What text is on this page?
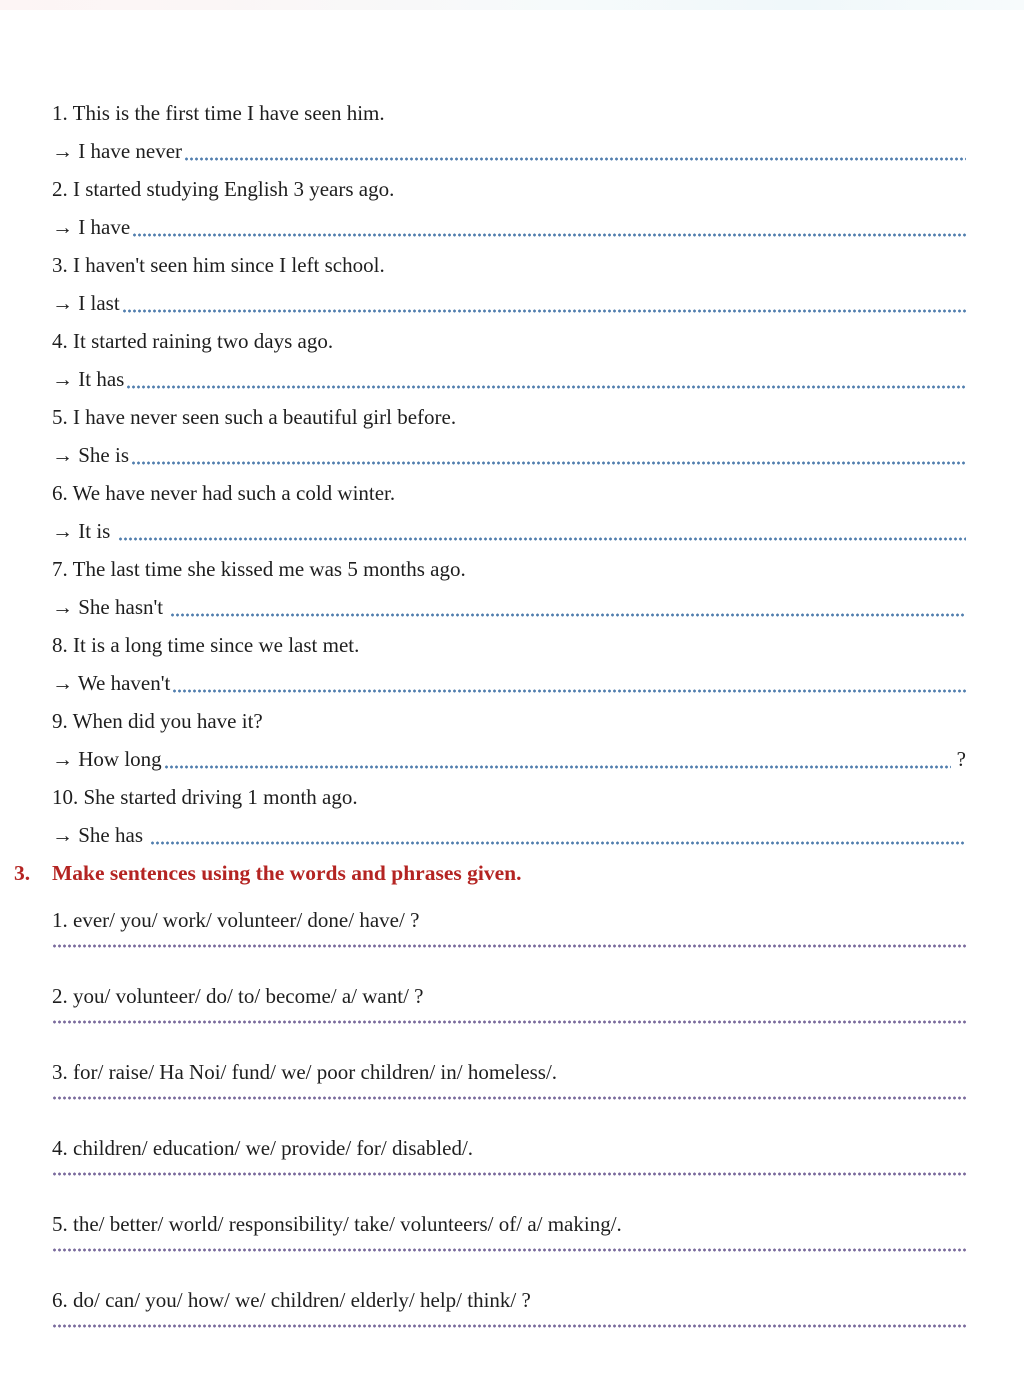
1. This is the first time I have seen him.
→ I have never
2. I started studying English 3 years ago.
→ I have
3. I haven't seen him since I left school.
→ I last
4. It started raining two days ago.
→ It has
5. I have never seen such a beautiful girl before.
→ She is
6. We have never had such a cold winter.
→ It is
7. The last time she kissed me was 5 months ago.
→ She hasn't
8. It is a long time since we last met.
→ We haven't
9. When did you have it?
→ How long	?
10. She started driving 1 month ago.
→ She has
3.	Make sentences using the words and phrases given.
1. ever/ you/ work/ volunteer/ done/ have/ ?
2. you/ volunteer/ do/ to/ become/ a/ want/ ?
3. for/ raise/ Ha Noi/ fund/ we/ poor children/ in/ homeless/.
4. children/ education/ we/ provide/ for/ disabled/.
5. the/ better/ world/ responsibility/ take/ volunteers/ of/ a/ making/.
6. do/ can/ you/ how/ we/ children/ elderly/ help/ think/ ?
